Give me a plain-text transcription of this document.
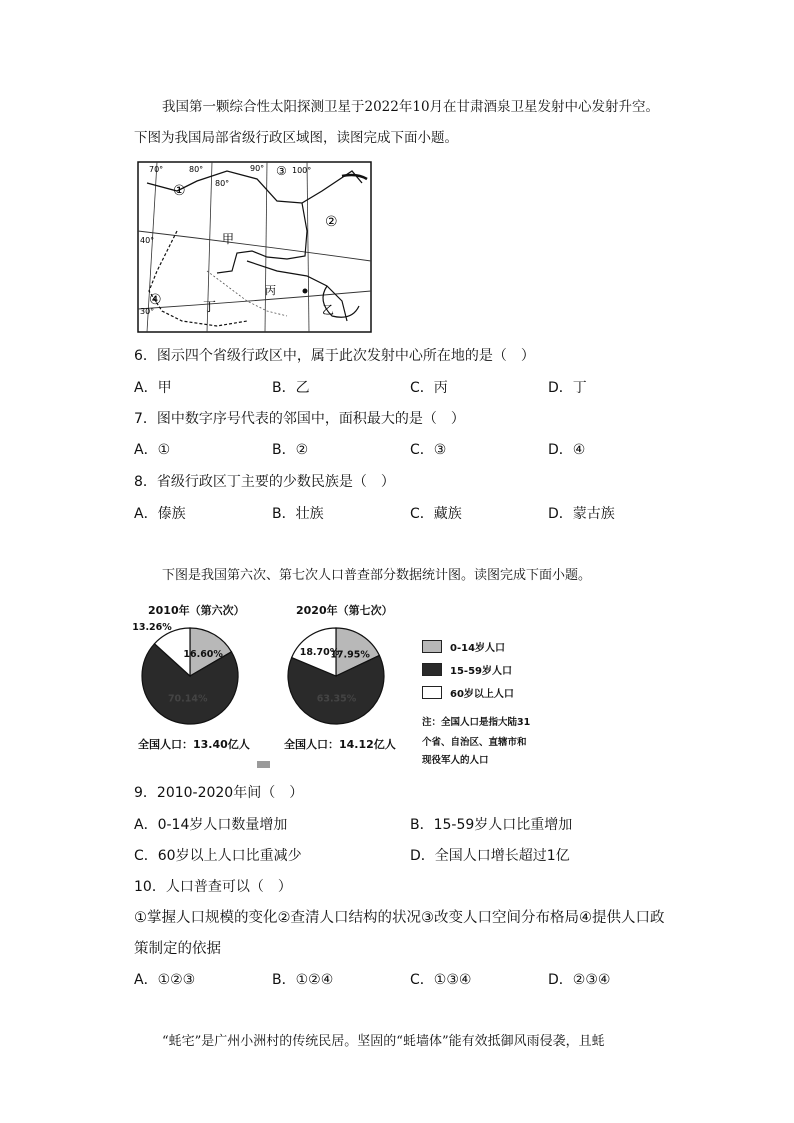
我国第一颗综合性太阳探测卫星于2022年10月在甘肃酒泉卫星发射中心发射升空。
下图为我国局部省级行政区域图，读图完成下面小题。
70°	80°
80°
90°	100°
40°
30°
①
②
③
④
甲
乙
丙
丁
6．图示四个省级行政区中，属于此次发射中心所在地的是（　）
A．甲	B．乙	C．丙	D．丁
7．图中数字序号代表的邻国中，面积最大的是（　）
A．①	B．②	C．③	D．④
8．省级行政区丁主要的少数民族是（　）
A．傣族	B．壮族	C．藏族	D．蒙古族
下图是我国第六次、第七次人口普查部分数据统计图。读图完成下面小题。
2010年（第六次）
16.60%
70.14%
13.26%
全国人口：13.40亿人
2020年（第七次）
17.95%
63.35%
18.70%
全国人口：14.12亿人
0-14岁人口
15-59岁人口
60岁以上人口
注：全国人口是指大陆31
个省、自治区、直辖市和
现役军人的人口
9．2010-2020年间（　）
A．0-14岁人口数量增加	B．15-59岁人口比重增加
C．60岁以上人口比重减少	D．全国人口增长超过1亿
10．人口普查可以（　）
①掌握人口规模的变化②查清人口结构的状况③改变人口空间分布格局④提供人口政
策制定的依据
A．①②③	B．①②④	C．①③④	D．②③④
“蚝宅”是广州小洲村的传统民居。坚固的“蚝墙体”能有效抵御风雨侵袭，且蚝
